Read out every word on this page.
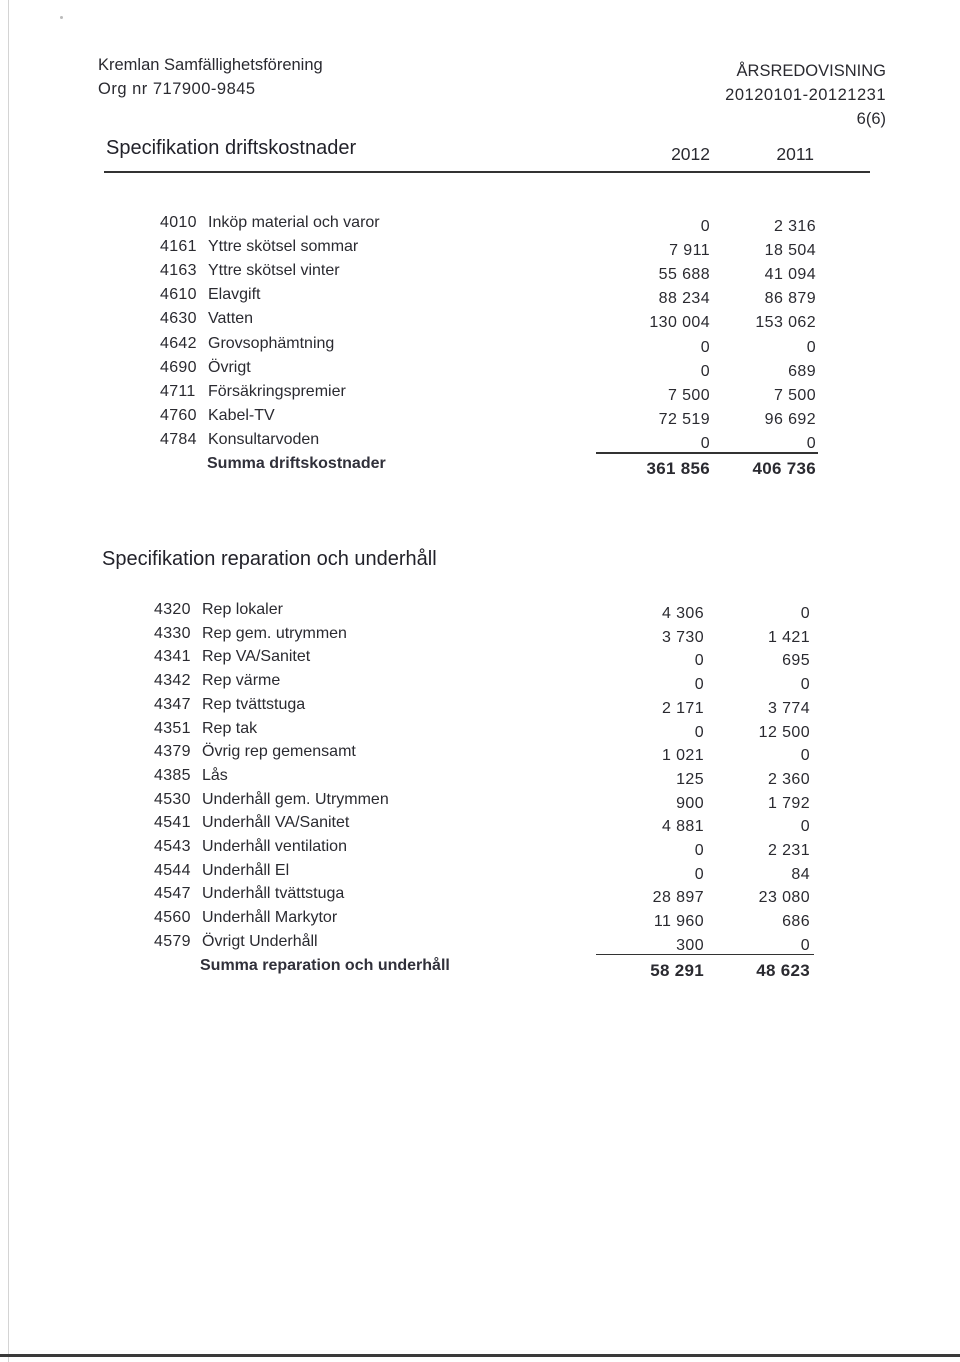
Kremlan Samfällighetsförening
Org nr 717900-9845
ÅRSREDOVISNING
20120101-20121231
6(6)
Specifikation driftskostnader	2012	2011
4010 Inköp material och varor	0	2 316
4161 Yttre skötsel sommar	7 911	18 504
4163 Yttre skötsel vinter	55 688	41 094
4610 Elavgift	88 234	86 879
4630 Vatten	130 004	153 062
4642 Grovsophämtning	0	0
4690 Övrigt	0	689
4711 Försäkringspremier	7 500	7 500
4760 Kabel-TV	72 519	96 692
4784 Konsultarvoden	0	0
Summa driftskostnader	361 856	406 736
Specifikation reparation och underhåll
4320 Rep lokaler	4 306	0
4330 Rep gem. utrymmen	3 730	1 421
4341 Rep VA/Sanitet	0	695
4342 Rep värme	0	0
4347 Rep tvättstuga	2 171	3 774
4351 Rep tak	0	12 500
4379 Övrig rep gemensamt	1 021	0
4385 Lås	125	2 360
4530 Underhåll gem. Utrymmen	900	1 792
4541 Underhåll VA/Sanitet	4 881	0
4543 Underhåll ventilation	0	2 231
4544 Underhåll El	0	84
4547 Underhåll tvättstuga	28 897	23 080
4560 Underhåll Markytor	11 960	686
4579 Övrigt Underhåll	300	0
Summa reparation och underhåll	58 291	48 623
